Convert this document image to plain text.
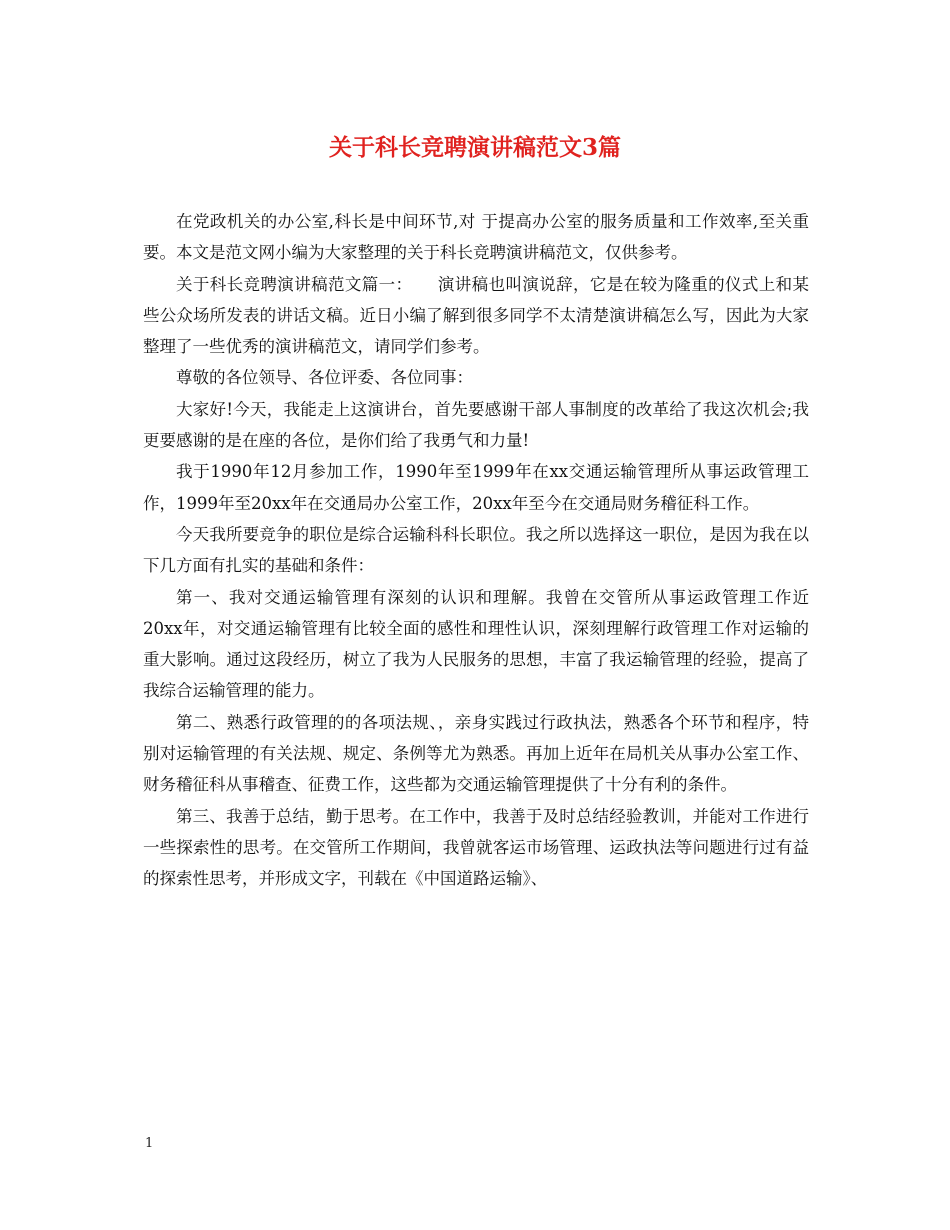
关于科长竞聘演讲稿范文3篇

在党政机关的办公室,科长是中间环节,对 于提高办公室的服务质量和工作效率,至关重要。本文是范文网小编为大家整理的关于科长竞聘演讲稿范文，仅供参考。

关于科长竞聘演讲稿范文篇一：　　演讲稿也叫演说辞，它是在较为隆重的仪式上和某些公众场所发表的讲话文稿。近日小编了解到很多同学不太清楚演讲稿怎么写，因此为大家整理了一些优秀的演讲稿范文，请同学们参考。

尊敬的各位领导、各位评委、各位同事：

大家好!今天，我能走上这演讲台，首先要感谢干部人事制度的改革给了我这次机会;我更要感谢的是在座的各位，是你们给了我勇气和力量!

我于1990年12月参加工作，1990年至1999年在xx交通运输管理所从事运政管理工作，1999年至20xx年在交通局办公室工作，20xx年至今在交通局财务稽征科工作。

今天我所要竞争的职位是综合运输科科长职位。我之所以选择这一职位，是因为我在以下几方面有扎实的基础和条件：

第一、我对交通运输管理有深刻的认识和理解。我曾在交管所从事运政管理工作近20xx年，对交通运输管理有比较全面的感性和理性认识，深刻理解行政管理工作对运输的重大影响。通过这段经历，树立了我为人民服务的思想，丰富了我运输管理的经验，提高了我综合运输管理的能力。

第二、熟悉行政管理的的各项法规、，亲身实践过行政执法，熟悉各个环节和程序，特别对运输管理的有关法规、规定、条例等尤为熟悉。再加上近年在局机关从事办公室工作、财务稽征科从事稽查、征费工作，这些都为交通运输管理提供了十分有利的条件。

第三、我善于总结，勤于思考。在工作中，我善于及时总结经验教训，并能对工作进行一些探索性的思考。在交管所工作期间，我曾就客运市场管理、运政执法等问题进行过有益的探索性思考，并形成文字，刊载在《中国道路运输》、

1
